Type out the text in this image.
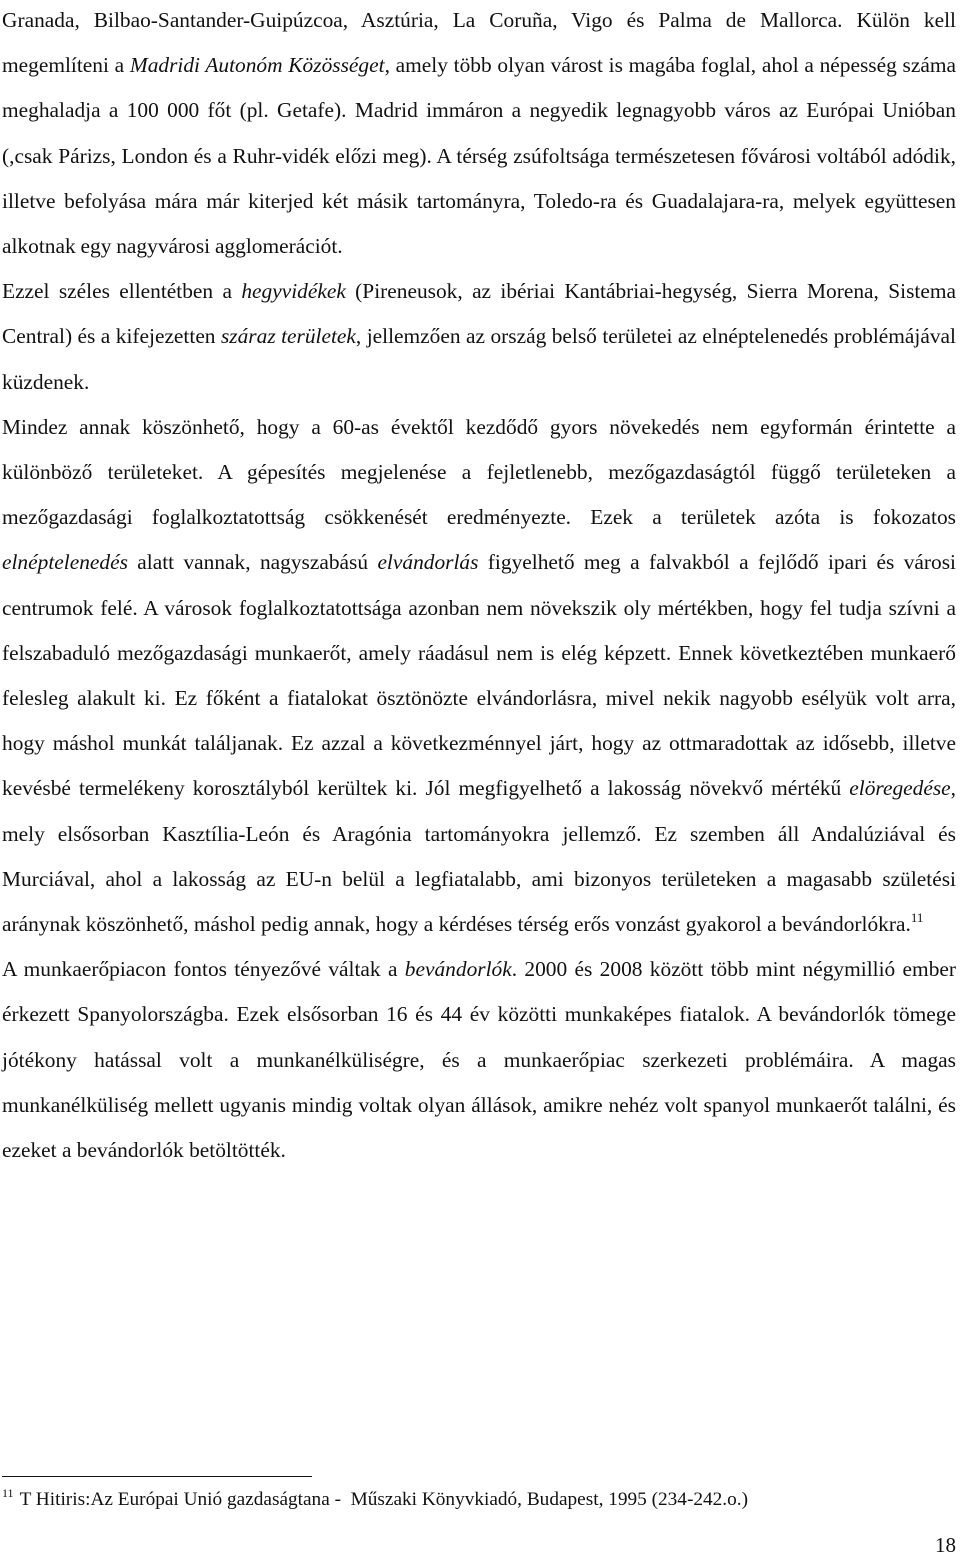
Granada, Bilbao-Santander-Guipúzcoa, Asztúria, La Coruña, Vigo és Palma de Mallorca. Külön kell megemlíteni a Madridi Autonóm Közösséget, amely több olyan várost is magába foglal, ahol a népesség száma meghaladja a 100 000 főt (pl. Getafe). Madrid immáron a negyedik legnagyobb város az Európai Unióban (,csak Párizs, London és a Ruhr-vidék előzi meg). A térség zsúfoltsága természetesen fővárosi voltából adódik, illetve befolyása mára már kiterjed két másik tartományra, Toledo-ra és Guadalajara-ra, melyek együttesen alkotnak egy nagyvárosi agglomerációt.

Ezzel széles ellentétben a hegyvidékek (Pireneusok, az ibériai Kantábriai-hegység, Sierra Morena, Sistema Central) és a kifejezetten száraz területek, jellemzően az ország belső területei az elnéptelenedés problémájával küzdenek.

Mindez annak köszönhető, hogy a 60-as évektől kezdődő gyors növekedés nem egyformán érintette a különböző területeket. A gépesítés megjelenése a fejletlenebb, mezőgazdaságtól függő területeken a mezőgazdasági foglalkoztatottság csökkenését eredményezte. Ezek a területek azóta is fokozatos elnéptelenedés alatt vannak, nagyszabású elvándorlás figyelhető meg a falvakból a fejlődő ipari és városi centrumok felé. A városok foglalkoztatottsága azonban nem növekszik oly mértékben, hogy fel tudja szívni a felszabaduló mezőgazdasági munkaerőt, amely ráadásul nem is elég képzett. Ennek következtében munkaerő felesleg alakult ki. Ez főként a fiatalokat ösztönözte elvándorlásra, mivel nekik nagyobb esélyük volt arra, hogy máshol munkát találjanak. Ez azzal a következménnyel járt, hogy az ottmaradottak az idősebb, illetve kevésbé termelékeny korosztályból kerültek ki. Jól megfigyelhető a lakosság növekvő mértékű elöregedése, mely elsősorban Kasztília-León és Aragónia tartományokra jellemző. Ez szemben áll Andalúziával és Murciával, ahol a lakosság az EU-n belül a legfiatalabb, ami bizonyos területeken a magasabb születési aránynak köszönhető, máshol pedig annak, hogy a kérdéses térség erős vonzást gyakorol a bevándorlókra.$^{11}$

A munkaerőpiacon fontos tényezővé váltak a bevándorlók. 2000 és 2008 között több mint négymillió ember érkezett Spanyolországba. Ezek elsősorban 16 és 44 év közötti munkaképes fiatalok. A bevándorlók tömege jótékony hatással volt a munkanélküliségre, és a munkaerőpiac szerkezeti problémáira. A magas munkanélküliség mellett ugyanis mindig voltak olyan állások, amikre nehéz volt spanyol munkaerőt találni, és ezeket a bevándorlók betöltötték.

$^{11}$ T Hitiris:Az Európai Unió gazdaságtana -  Műszaki Könyvkiadó, Budapest, 1995 (234-242.o.)
18
